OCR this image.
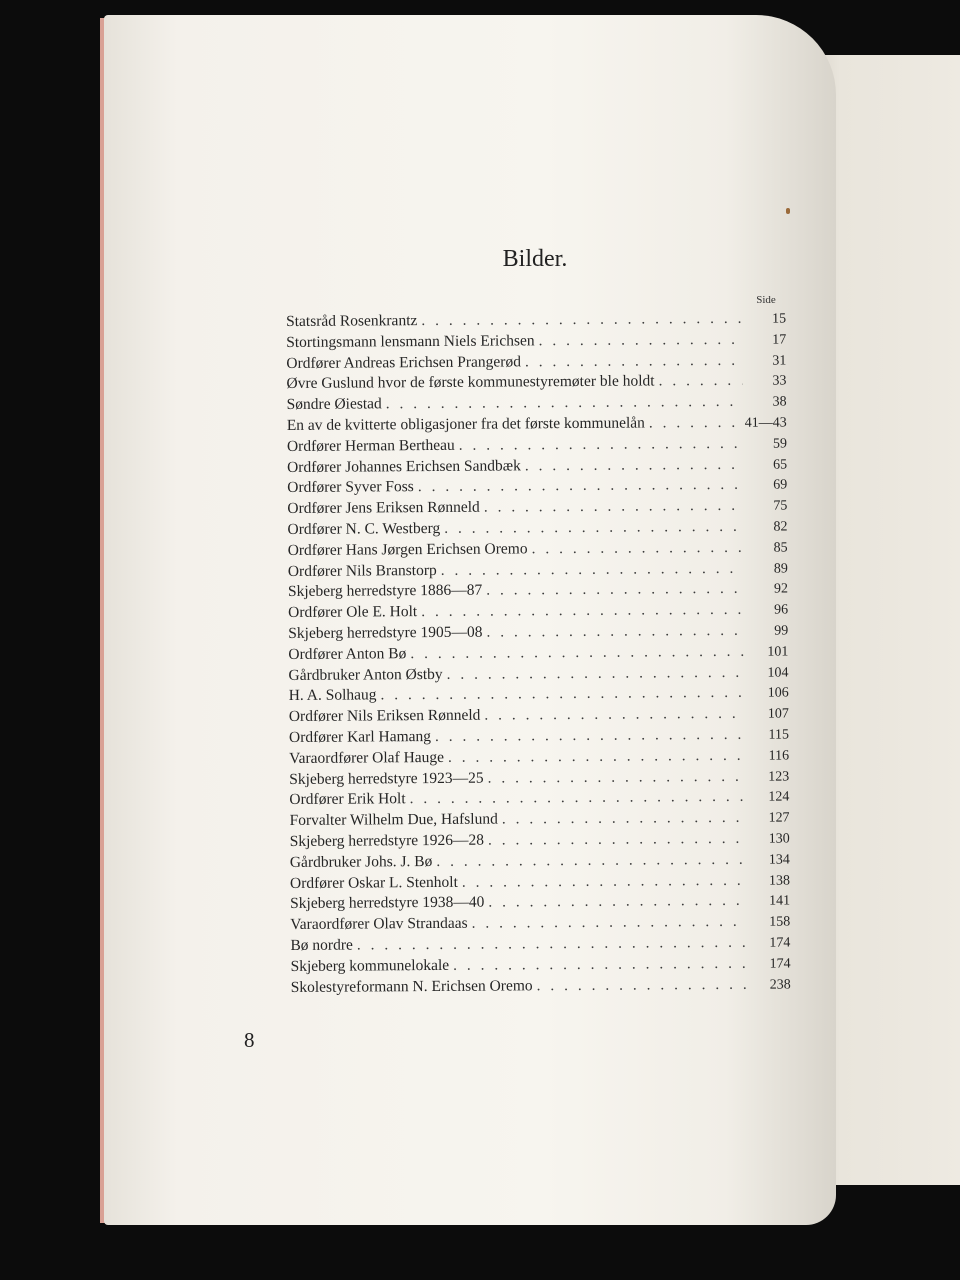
Bilder.
Side
Statsråd Rosenkrantz . . .	15
Stortingsmann lensmann Niels Erichsen . . .	17
Ordfører Andreas Erichsen Prangerød . . .	31
Øvre Guslund hvor de første kommunestyremøter ble holdt . . .	33
Søndre Øiestad . . .	38
En av de kvitterte obligasjoner fra det første kommunelån . . .	41—43
Ordfører Herman Bertheau . . .	59
Ordfører Johannes Erichsen Sandbæk . . .	65
Ordfører Syver Foss . . .	69
Ordfører Jens Eriksen Rønneld . . .	75
Ordfører N. C. Westberg . . .	82
Ordfører Hans Jørgen Erichsen Oremo . . .	85
Ordfører Nils Branstorp . . .	89
Skjeberg herredstyre 1886—87 . . .	92
Ordfører Ole E. Holt . . .	96
Skjeberg herredstyre 1905—08 . . .	99
Ordfører Anton Bø . . .	101
Gårdbruker Anton Østby . . .	104
H. A. Solhaug . . .	106
Ordfører Nils Eriksen Rønneld . . .	107
Ordfører Karl Hamang . . .	115
Varaordfører Olaf Hauge . . .	116
Skjeberg herredstyre 1923—25 . . .	123
Ordfører Erik Holt . . .	124
Forvalter Wilhelm Due, Hafslund . . .	127
Skjeberg herredstyre 1926—28 . . .	130
Gårdbruker Johs. J. Bø . . .	134
Ordfører Oskar L. Stenholt . . .	138
Skjeberg herredstyre 1938—40 . . .	141
Varaordfører Olav Strandaas . . .	158
Bø nordre . . .	174
Skjeberg kommunelokale . . .	174
Skolestyreformann N. Erichsen Oremo . . .	238
8
